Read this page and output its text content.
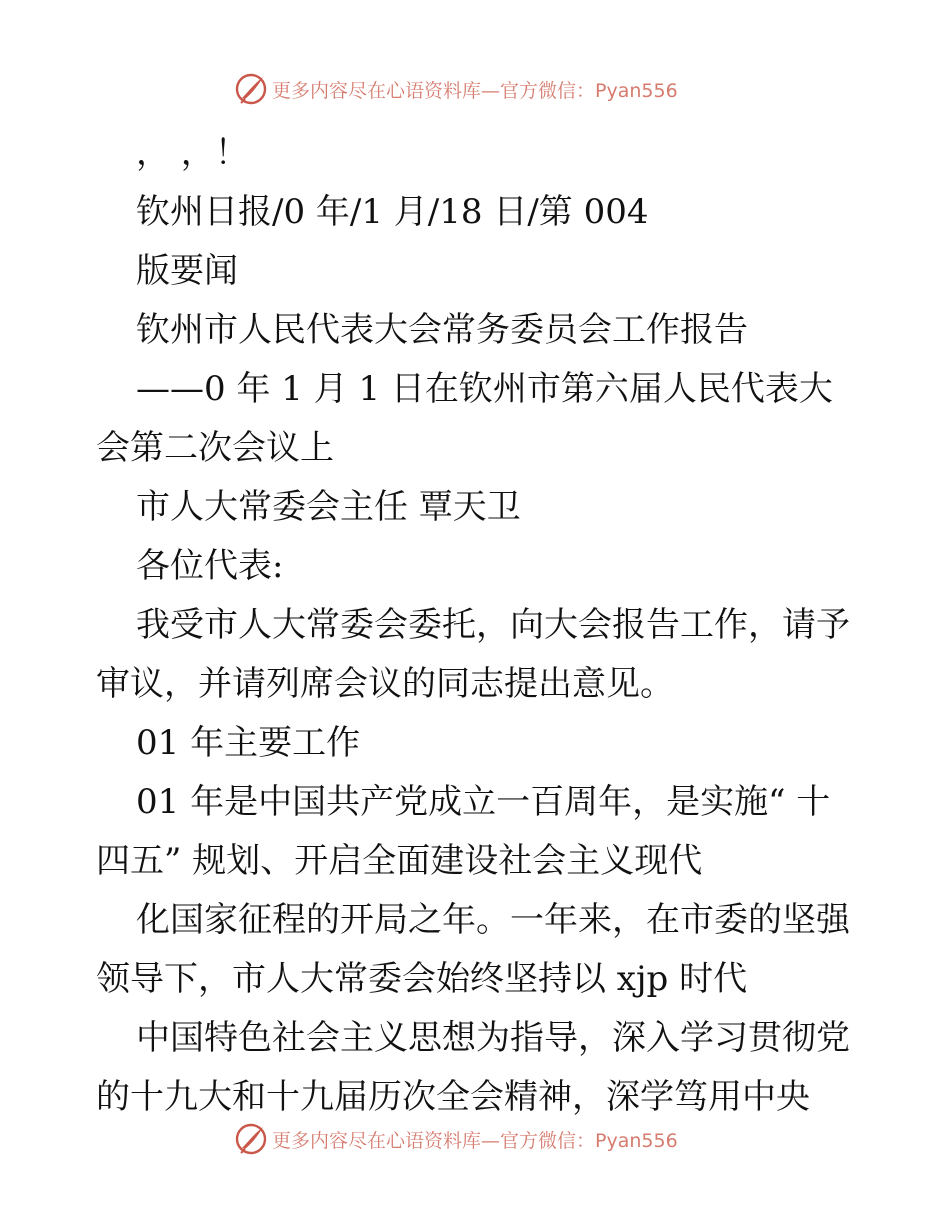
更多内容尽在心语资料库—官方微信：Pyan556
， ，！
钦州日报/0 年/1 月/18 日/第 004
版要闻
钦州市人民代表大会常务委员会工作报告
——0 年 1 月 1 日在钦州市第六届人民代表大
会第二次会议上
市人大常委会主任 覃天卫
各位代表:
我受市人大常委会委托，向大会报告工作，请予
审议，并请列席会议的同志提出意见。
01 年主要工作
01 年是中国共产党成立一百周年，是实施“ 十
四五” 规划、开启全面建设社会主义现代
化国家征程的开局之年。一年来，在市委的坚强
领导下，市人大常委会始终坚持以 xjp 时代
中国特色社会主义思想为指导，深入学习贯彻党
的十九大和十九届历次全会精神，深学笃用中央
更多内容尽在心语资料库—官方微信：Pyan556
